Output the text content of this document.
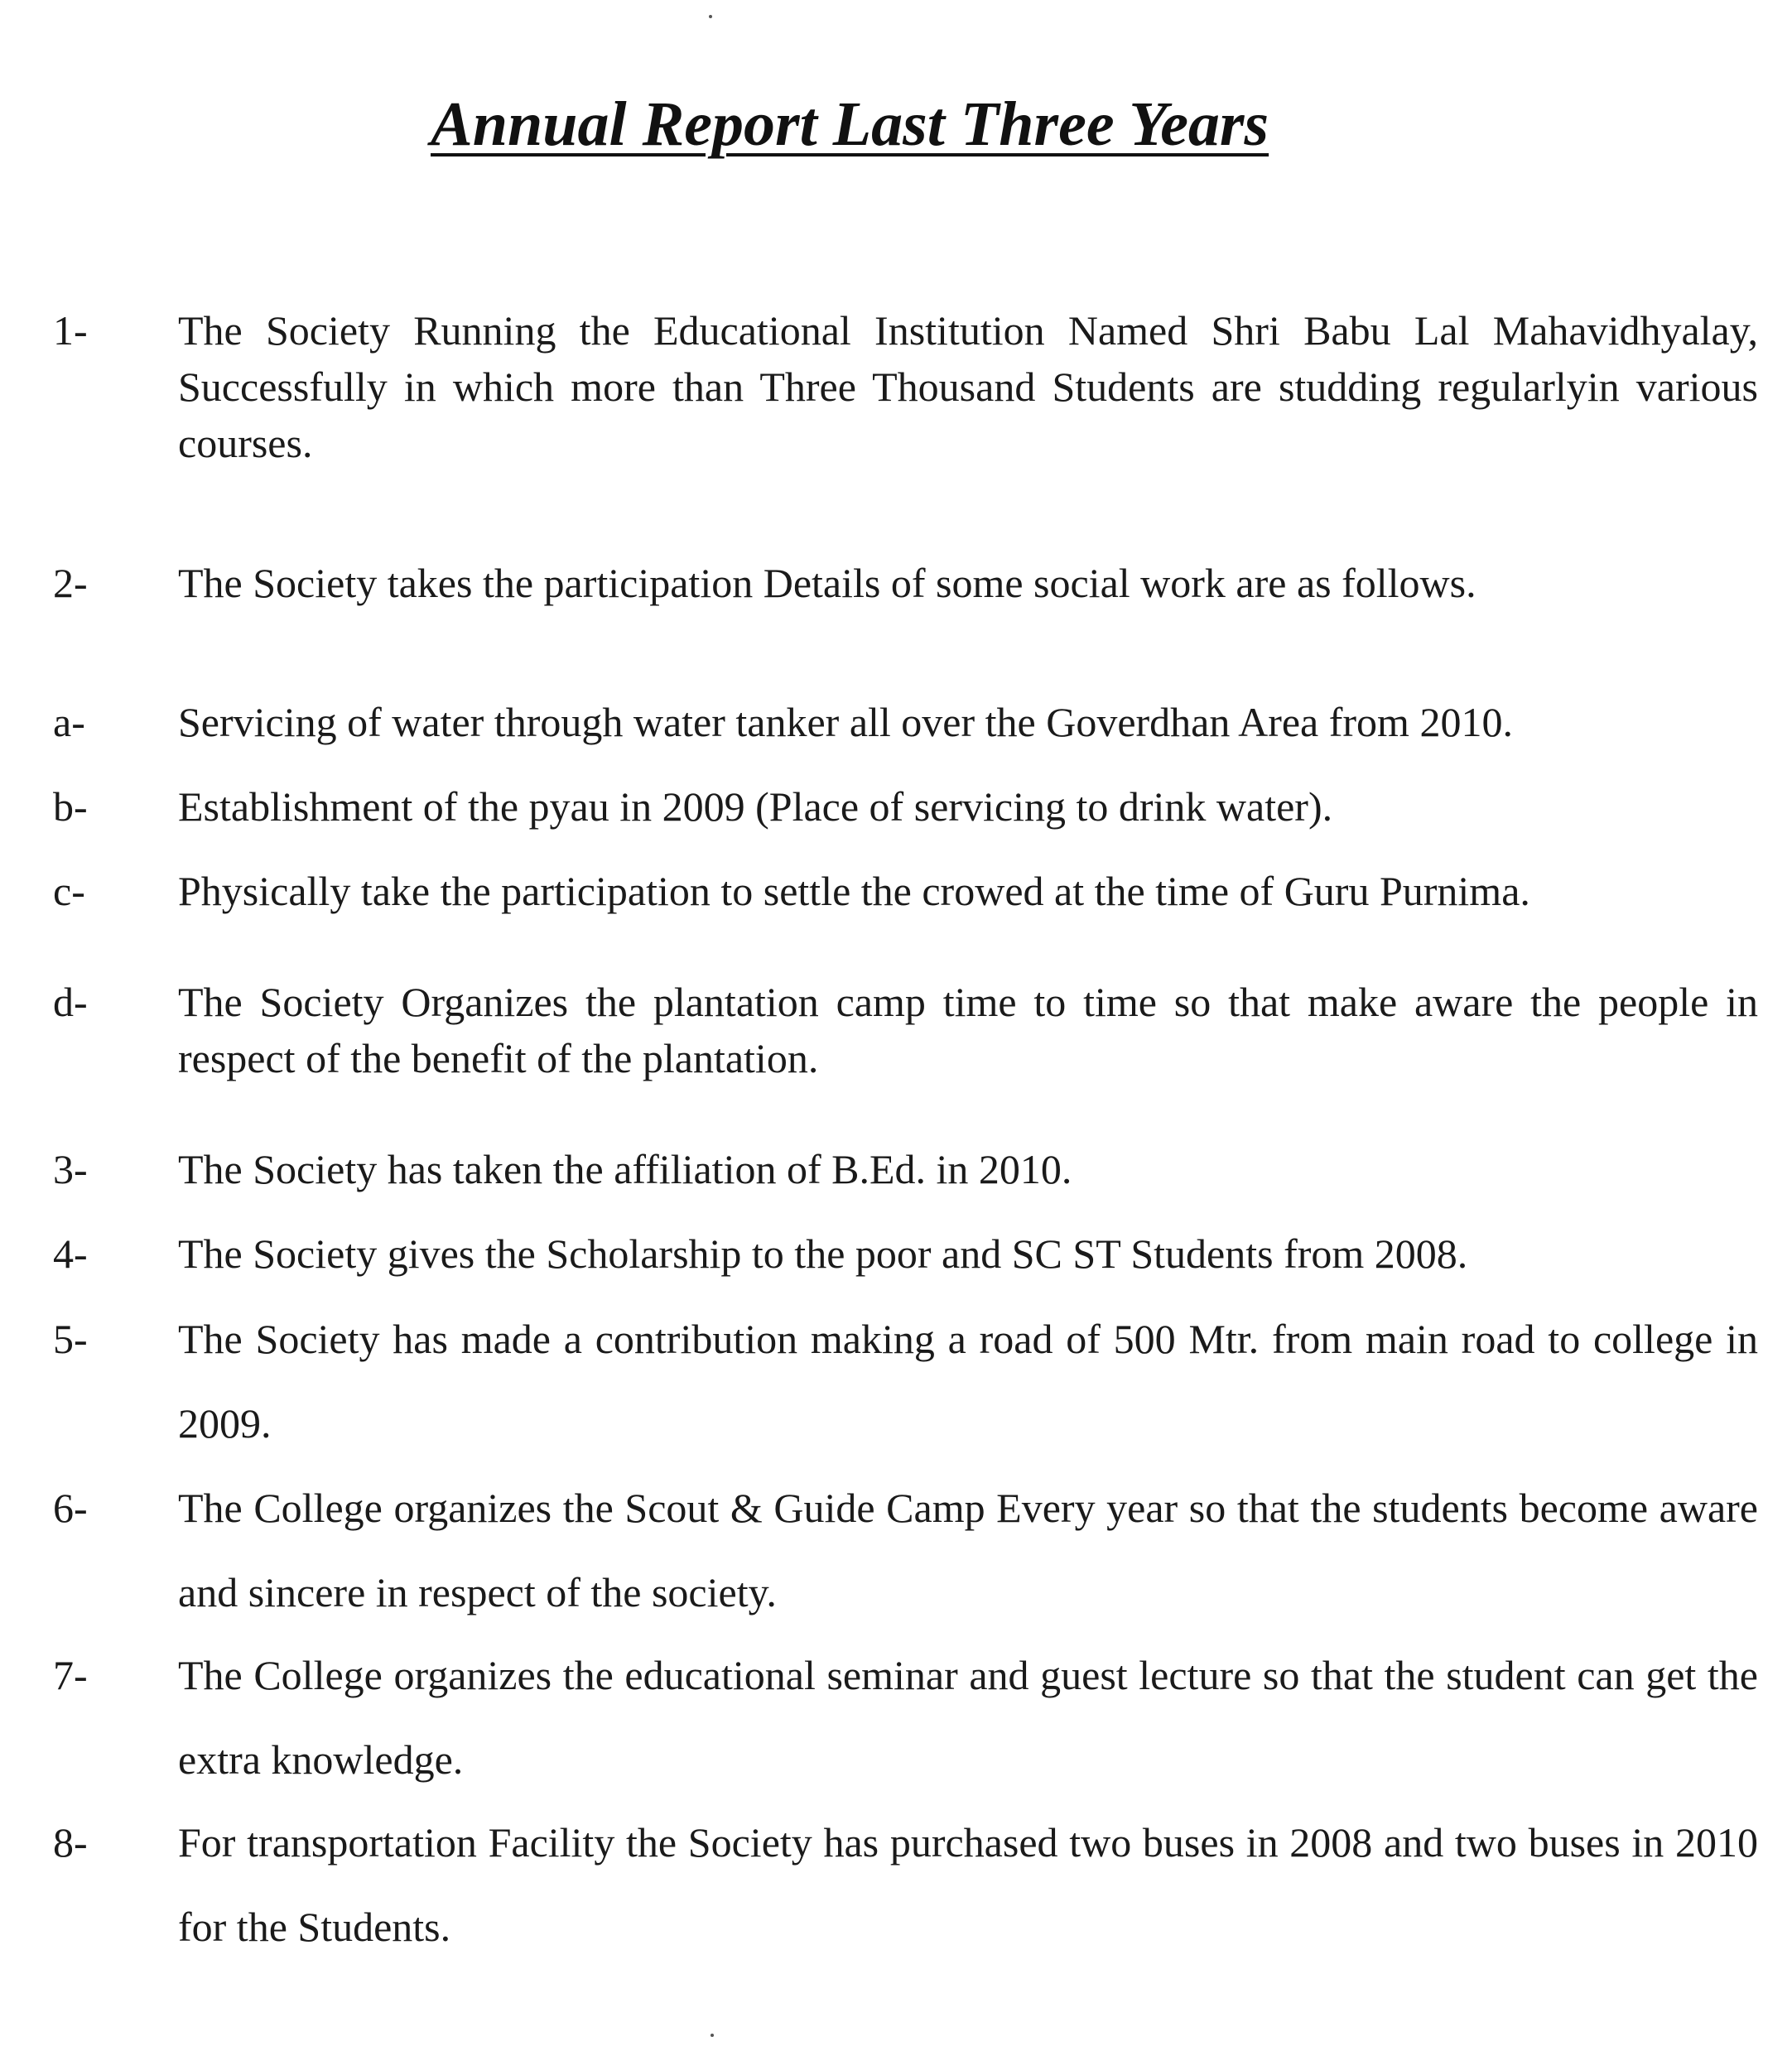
Annual Report Last Three Years
1- The Society Running the Educational Institution Named Shri Babu Lal Mahavidhyalay, Successfully in which more than Three Thousand Students are studding regularlyin various courses.

2- The Society takes the participation Details of some social work are as follows.

a- Servicing of water through water tanker all over the Goverdhan Area from 2010.

b- Establishment of the pyau in 2009 (Place of servicing to drink water).

c- Physically take the participation to settle the crowed at the time of Guru Purnima.

d- The Society Organizes the plantation camp time to time so that make aware the people in respect of the benefit of the plantation.

3- The Society has taken the affiliation of B.Ed. in 2010.

4- The Society gives the Scholarship to the poor and SC ST Students from 2008.

5- The Society has made a contribution making a road of 500 Mtr. from main road to college in 2009.

6- The College organizes the Scout & Guide Camp Every year so that the students become aware and sincere in respect of the society.

7- The College organizes the educational seminar and guest lecture so that the student can get the extra knowledge.

8- For transportation Facility the Society has purchased two buses in 2008 and two buses in 2010 for the Students.
